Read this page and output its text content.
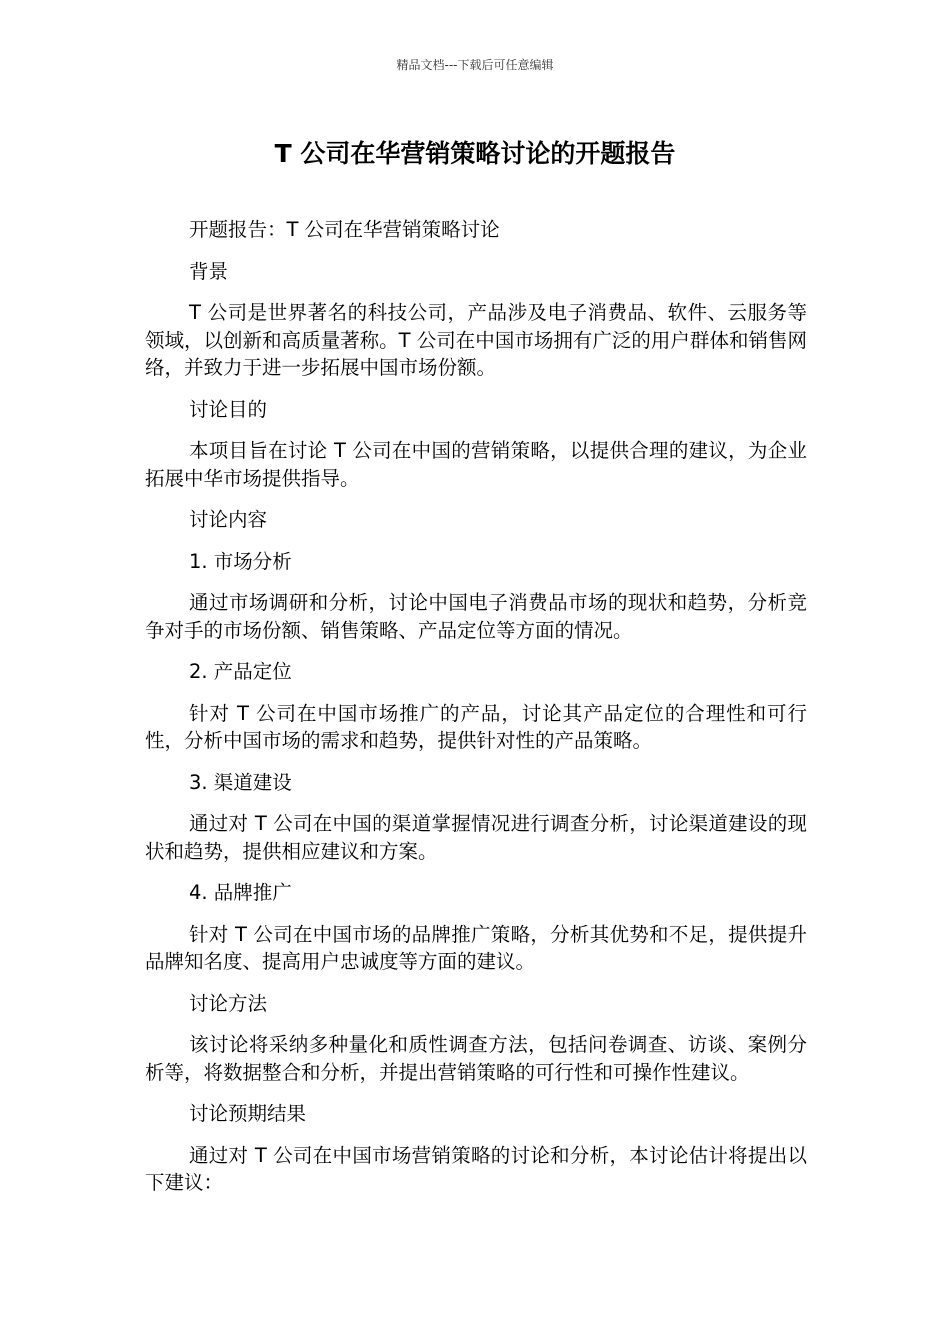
精品文档---下载后可任意编辑
T 公司在华营销策略讨论的开题报告
开题报告：T 公司在华营销策略讨论
背景
T 公司是世界著名的科技公司，产品涉及电子消费品、软件、云服务等领域，以创新和高质量著称。T 公司在中国市场拥有广泛的用户群体和销售网络，并致力于进一步拓展中国市场份额。
讨论目的
本项目旨在讨论 T 公司在中国的营销策略，以提供合理的建议，为企业拓展中华市场提供指导。
讨论内容
1. 市场分析
通过市场调研和分析，讨论中国电子消费品市场的现状和趋势，分析竞争对手的市场份额、销售策略、产品定位等方面的情况。
2. 产品定位
针对 T 公司在中国市场推广的产品，讨论其产品定位的合理性和可行性，分析中国市场的需求和趋势，提供针对性的产品策略。
3. 渠道建设
通过对 T 公司在中国的渠道掌握情况进行调查分析，讨论渠道建设的现状和趋势，提供相应建议和方案。
4. 品牌推广
针对 T 公司在中国市场的品牌推广策略，分析其优势和不足，提供提升品牌知名度、提高用户忠诚度等方面的建议。
讨论方法
该讨论将采纳多种量化和质性调查方法，包括问卷调查、访谈、案例分析等，将数据整合和分析，并提出营销策略的可行性和可操作性建议。
讨论预期结果
通过对 T 公司在中国市场营销策略的讨论和分析，本讨论估计将提出以下建议：
